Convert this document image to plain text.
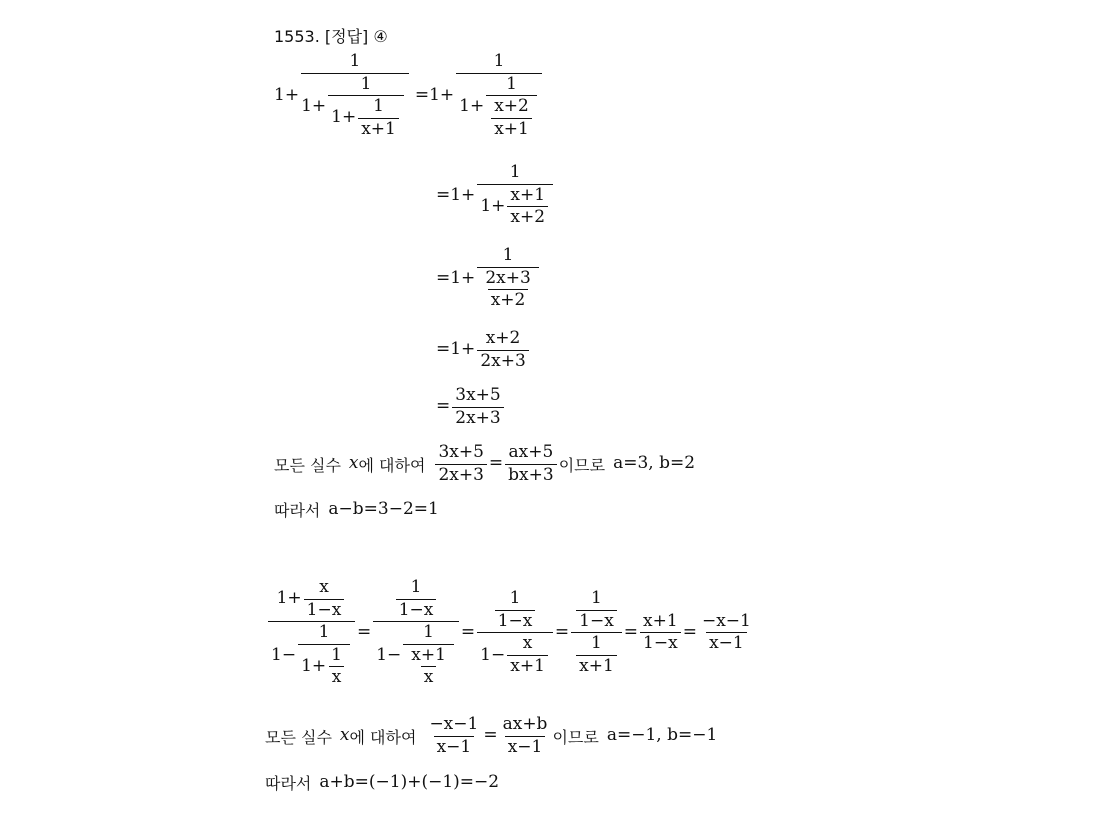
1553. [정답] ④
1+
1
$1+ \frac{1}{1+ \frac{1}{x+1}} =1+$
1
$1+ \frac{1}{\frac{x+2}{x+1}}$
$=1+ \frac{1}{1+ \frac{x+1}{x+2}}$
$=1+ \frac{1}{\frac{2x+3}{x+2}}$
$=1+ \frac{x+2}{2x+3}$
= $\frac{3x+5}{2x+3}$
모든 실수 x 에 대하여 $\frac{3x+5}{2x+3} = \frac{ax+5}{bx+3}$ 이므로 a=3, b=2
따라서 a−b=3−2=1
$1+ \frac{x}{1-x}$
$1- \frac{1}{1+ \frac{1}{x}}$ =
$\frac{1}{1-x}$
$1- \frac{1}{\frac{x+1}{x}} = \frac{\frac{1}{1-x}}{1- \frac{x}{x+1}} = \frac{\frac{1}{1-x}}{\frac{1}{x+1}} = \frac{x+1}{1-x} = \frac{-x-1}{x-1}$
모든 실수 x 에 대하여 $\frac{-x-1}{x-1} = \frac{ax+b}{x-1}$ 이므로 a=−1, b=−1
따라서 a+b=(−1)+(−1)=−2
